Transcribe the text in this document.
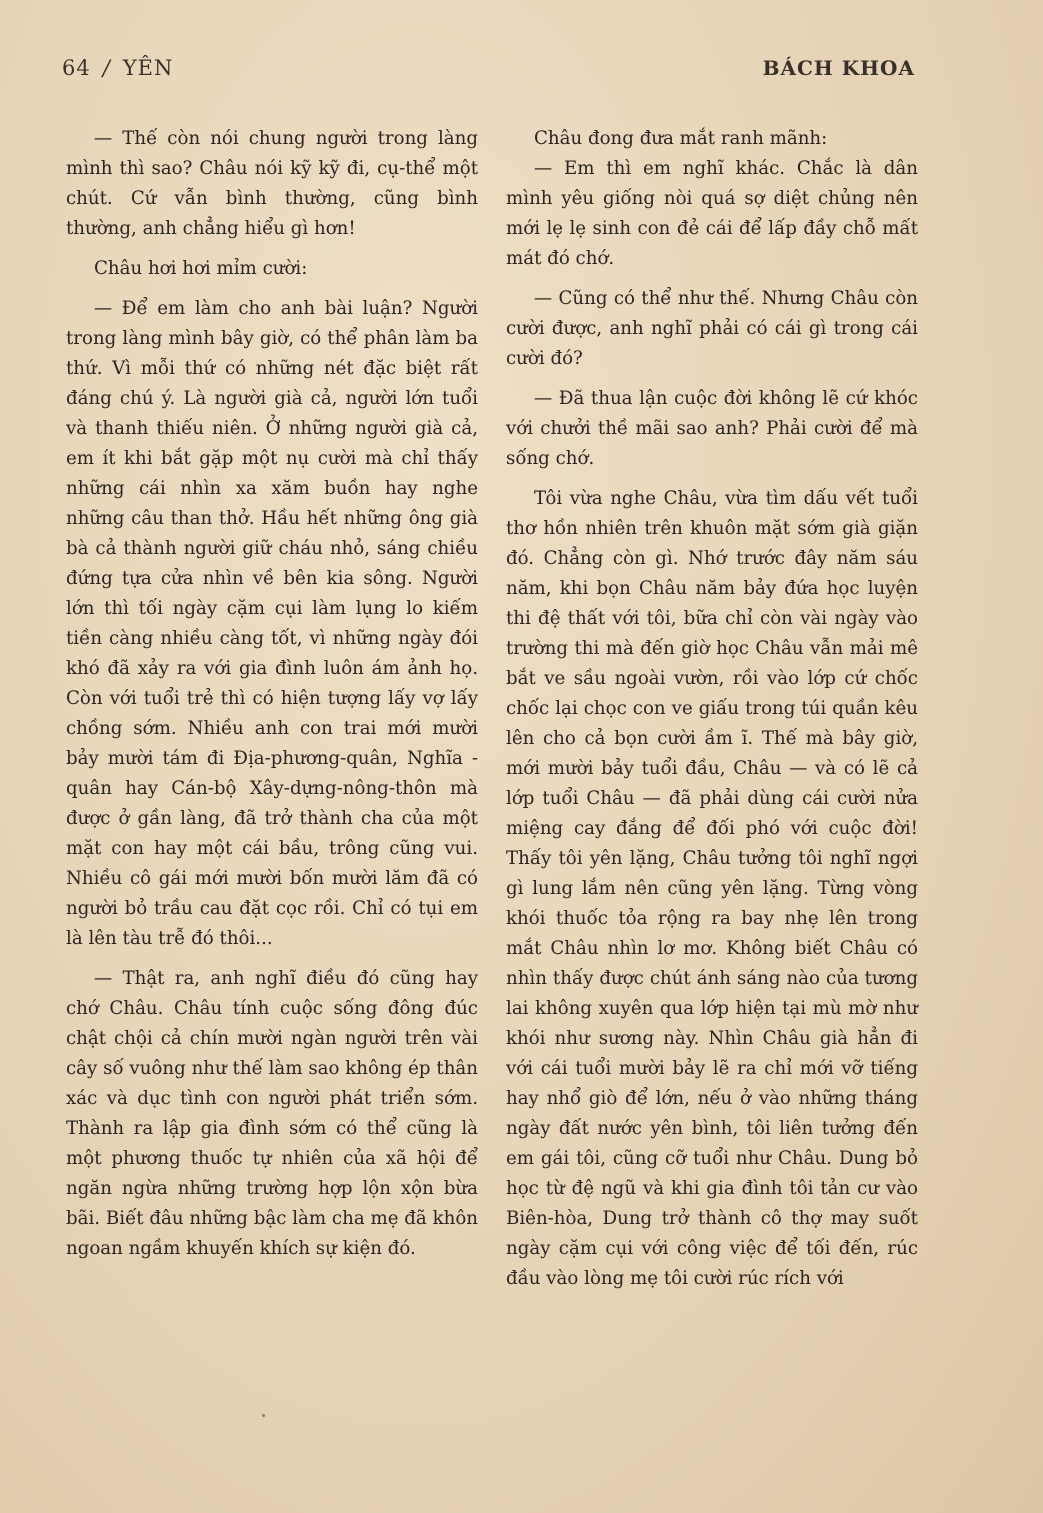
64 / YÊN	BÁCH KHOA

— Thế còn nói chung người trong làng mình thì sao? Châu nói kỹ kỹ đi, cụ-thể một chút. Cứ vẫn bình thường, cũng bình thường, anh chẳng hiểu gì hơn!

Châu hơi hơi mỉm cười:

— Để em làm cho anh bài luận? Người trong làng mình bây giờ, có thể phân làm ba thứ. Vì mỗi thứ có những nét đặc biệt rất đáng chú ý. Là người già cả, người lớn tuổi và thanh thiếu niên. Ở những người già cả, em ít khi bắt gặp một nụ cười mà chỉ thấy những cái nhìn xa xăm buồn hay nghe những câu than thở. Hầu hết những ông già bà cả thành người giữ cháu nhỏ, sáng chiều đứng tựa cửa nhìn về bên kia sông. Người lớn thì tối ngày cặm cụi làm lụng lo kiếm tiền càng nhiều càng tốt, vì những ngày đói khó đã xảy ra với gia đình luôn ám ảnh họ. Còn với tuổi trẻ thì có hiện tượng lấy vợ lấy chồng sớm. Nhiều anh con trai mới mười bảy mười tám đi Địa-phương-quân, Nghĩa - quân hay Cán-bộ Xây-dựng-nông-thôn mà được ở gần làng, đã trở thành cha của một mặt con hay một cái bầu, trông cũng vui. Nhiều cô gái mới mười bốn mười lăm đã có người bỏ trầu cau đặt cọc rồi. Chỉ có tụi em là lên tàu trễ đó thôi...

— Thật ra, anh nghĩ điều đó cũng hay chớ Châu. Châu tính cuộc sống đông đúc chật chội cả chín mười ngàn người trên vài cây số vuông như thế làm sao không ép thân xác và dục tình con người phát triển sớm. Thành ra lập gia đình sớm có thể cũng là một phương thuốc tự nhiên của xã hội để ngăn ngừa những trường hợp lộn xộn bừa bãi. Biết đâu những bậc làm cha mẹ đã khôn ngoan ngầm khuyến khích sự kiện đó.

Châu đong đưa mắt ranh mãnh:

— Em thì em nghĩ khác. Chắc là dân mình yêu giống nòi quá sợ diệt chủng nên mới lẹ lẹ sinh con đẻ cái để lấp đầy chỗ mất mát đó chớ.

— Cũng có thể như thế. Nhưng Châu còn cười được, anh nghĩ phải có cái gì trong cái cười đó?

— Đã thua lận cuộc đời không lẽ cứ khóc với chưởi thề mãi sao anh? Phải cười để mà sống chớ.

Tôi vừa nghe Châu, vừa tìm dấu vết tuổi thơ hồn nhiên trên khuôn mặt sớm già giặn đó. Chẳng còn gì. Nhớ trước đây năm sáu năm, khi bọn Châu năm bảy đứa học luyện thi đệ thất với tôi, bữa chỉ còn vài ngày vào trường thi mà đến giờ học Châu vẫn mải mê bắt ve sầu ngoài vườn, rồi vào lớp cứ chốc chốc lại chọc con ve giấu trong túi quần kêu lên cho cả bọn cười ầm ĩ. Thế mà bây giờ, mới mười bảy tuổi đầu, Châu — và có lẽ cả lớp tuổi Châu — đã phải dùng cái cười nửa miệng cay đắng để đối phó với cuộc đời! Thấy tôi yên lặng, Châu tưởng tôi nghĩ ngợi gì lung lắm nên cũng yên lặng. Từng vòng khói thuốc tỏa rộng ra bay nhẹ lên trong mắt Châu nhìn lơ mơ. Không biết Châu có nhìn thấy được chút ánh sáng nào của tương lai không xuyên qua lớp hiện tại mù mờ như khói như sương này. Nhìn Châu già hẳn đi với cái tuổi mười bảy lẽ ra chỉ mới vỡ tiếng hay nhổ giò để lớn, nếu ở vào những tháng ngày đất nước yên bình, tôi liên tưởng đến em gái tôi, cũng cỡ tuổi như Châu. Dung bỏ học từ đệ ngũ và khi gia đình tôi tản cư vào Biên-hòa, Dung trở thành cô thợ may suốt ngày cặm cụi với công việc để tối đến, rúc đầu vào lòng mẹ tôi cười rúc rích với
